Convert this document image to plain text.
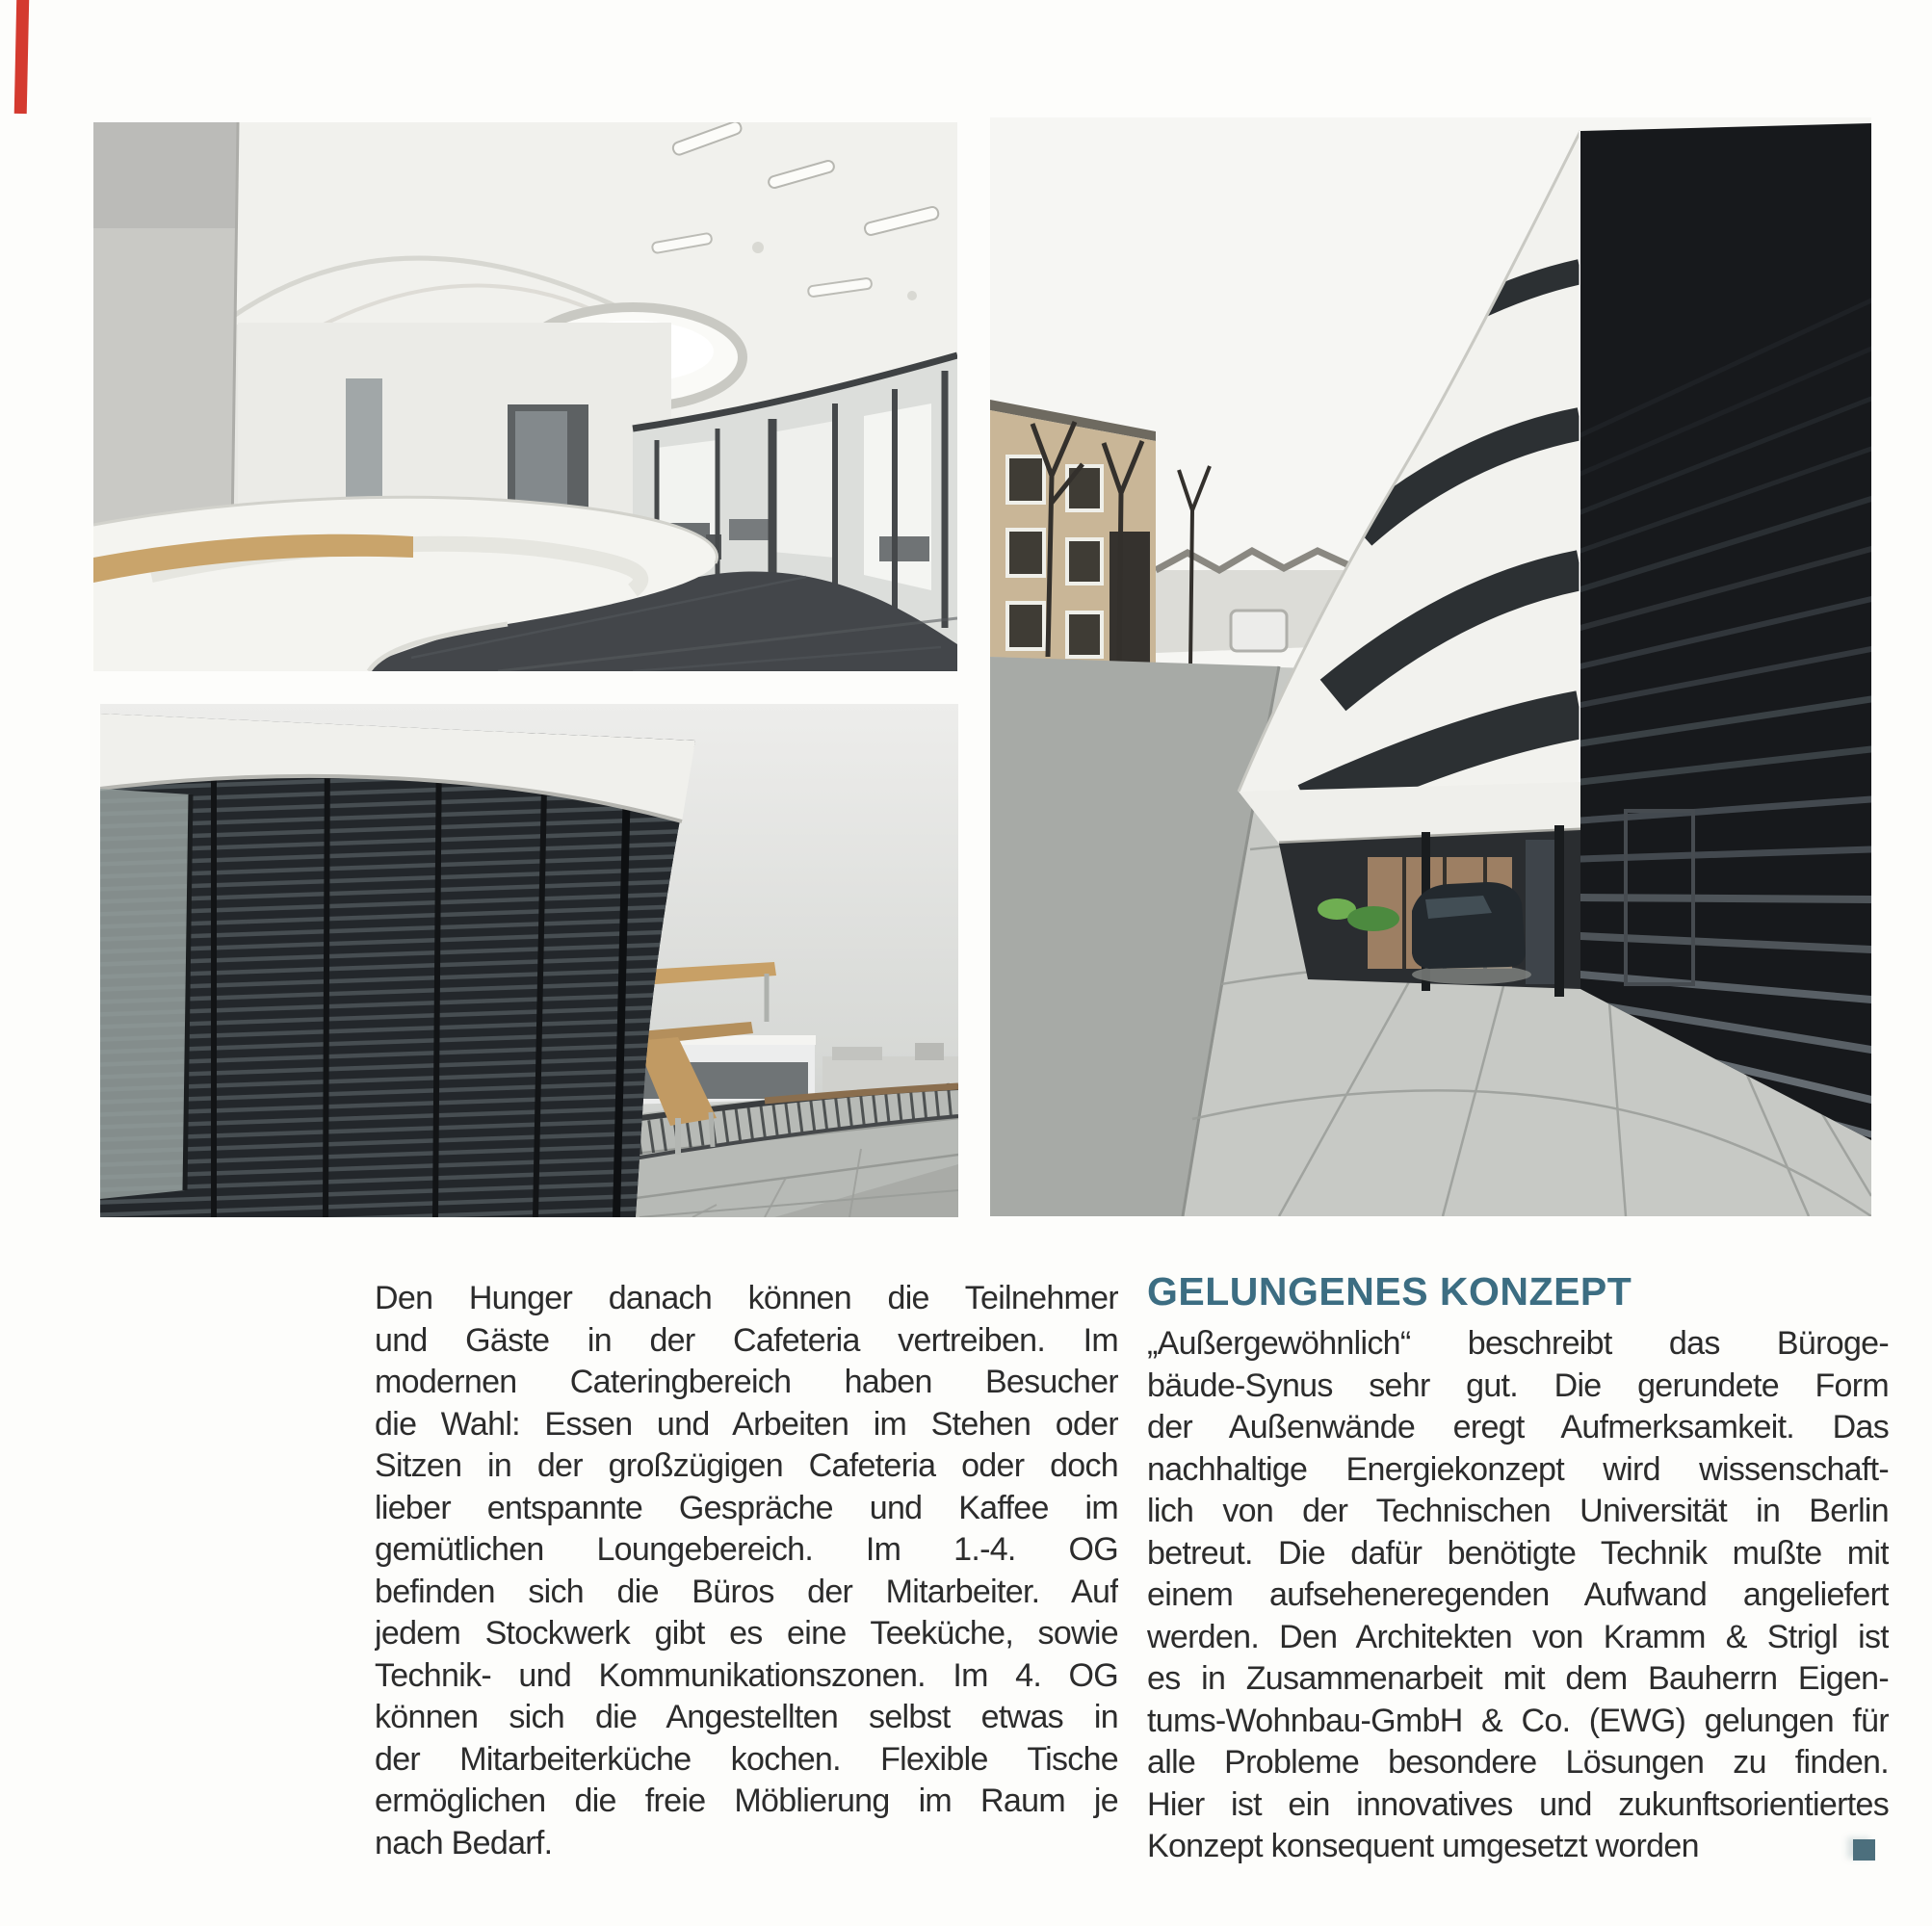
Den Hunger danach können die Teilnehmer

und Gäste in der Cafeteria vertreiben. Im

modernen Cateringbereich haben Besucher

die Wahl: Essen und Arbeiten im Stehen oder

Sitzen in der großzügigen Cafeteria oder doch

lieber entspannte Gespräche und Kaffee im

gemütlichen Loungebereich. Im 1.-4. OG

befinden sich die Büros der Mitarbeiter. Auf

jedem Stockwerk gibt es eine Teeküche, sowie

Technik- und Kommunikationszonen. Im 4. OG

können sich die Angestellten selbst etwas in

der Mitarbeiterküche kochen. Flexible Tische

ermöglichen die freie Möblierung im Raum je

nach Bedarf.

GELUNGENES KONZEPT

„Außergewöhnlich“ beschreibt das Büroge-

bäude-Synus sehr gut. Die gerundete Form

der Außenwände eregt Aufmerksamkeit. Das

nachhaltige Energiekonzept wird wissenschaft-

lich von der Technischen Universität in Berlin

betreut. Die dafür benötigte Technik mußte mit

einem aufseheneregenden Aufwand angeliefert

werden. Den Architekten von Kramm & Strigl ist

es in Zusammenarbeit mit dem Bauherrn Eigen-

tums-Wohnbau-GmbH & Co. (EWG) gelungen für

alle Probleme besondere Lösungen zu finden.

Hier ist ein innovatives und zukunftsorientiertes

Konzept konsequent umgesetzt worden
